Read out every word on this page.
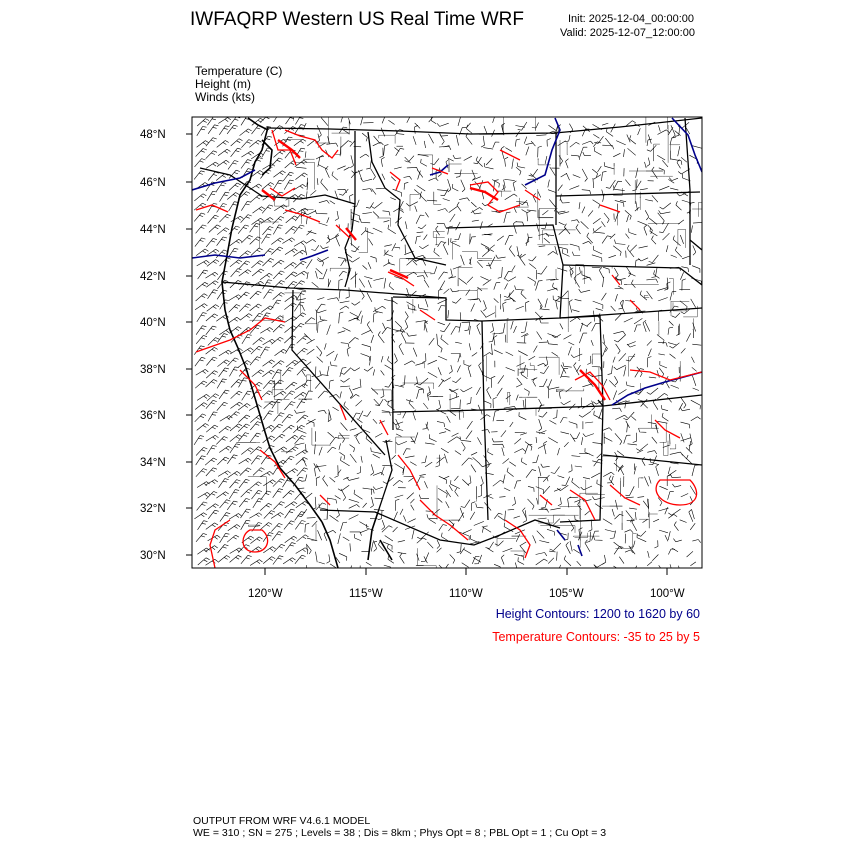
48°N
46°N
44°N
42°N
40°N
38°N
36°N
34°N
32°N
30°N
120°W	115°W	110°W	105°W	100°W
IWFAQRP Western US Real Time WRF	Init: 2025-12-04_00:00:00
Valid: 2025-12-07_12:00:00
Temperature (C)
Height (m)
Winds (kts)
Height Contours: 1200 to 1620 by 60
Temperature Contours: -35 to 25 by 5
OUTPUT FROM WRF V4.6.1 MODEL
WE = 310 ; SN = 275 ; Levels = 38 ; Dis = 8km ; Phys Opt = 8 ; PBL Opt = 1 ; Cu Opt = 3
